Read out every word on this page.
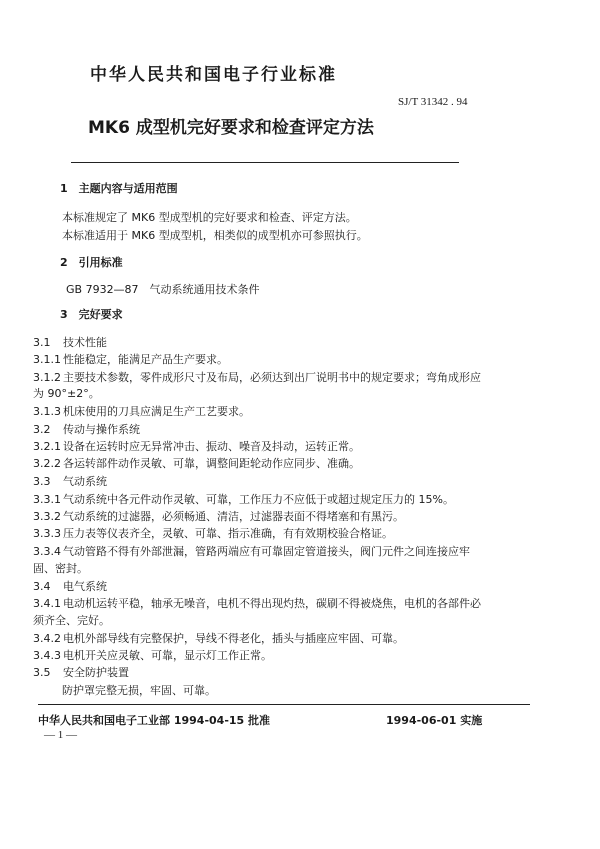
中华人民共和国电子行业标准
SJ/T 31342 . 94
MK6 成型机完好要求和检查评定方法
1　主题内容与适用范围
本标准规定了 MK6 型成型机的完好要求和检查、评定方法。
本标准适用于 MK6 型成型机，相类似的成型机亦可参照执行。
2　引用标准
GB 7932—87　气动系统通用技术条件
3　完好要求
3.1 技术性能
3.1.1 性能稳定，能满足产品生产要求。
3.1.2 主要技术参数，零件成形尺寸及布局，必须达到出厂说明书中的规定要求；弯角成形应
为 90°±2°。
3.1.3 机床使用的刀具应满足生产工艺要求。
3.2 传动与操作系统
3.2.1 设备在运转时应无异常冲击、振动、噪音及抖动，运转正常。
3.2.2 各运转部件动作灵敏、可靠，调整间距轮动作应同步、准确。
3.3 气动系统
3.3.1 气动系统中各元件动作灵敏、可靠，工作压力不应低于或超过规定压力的 15%。
3.3.2 气动系统的过滤器，必须畅通、清洁，过滤器表面不得堵塞和有黑污。
3.3.3 压力表等仪表齐全，灵敏、可靠、指示准确，有有效期校验合格证。
3.3.4 气动管路不得有外部泄漏，管路两端应有可靠固定管道接头，阀门元件之间连接应牢
固、密封。
3.4 电气系统
3.4.1 电动机运转平稳，轴承无噪音，电机不得出现灼热，碳刷不得被烧焦，电机的各部件必
须齐全、完好。
3.4.2 电机外部导线有完整保护，导线不得老化，插头与插座应牢固、可靠。
3.4.3 电机开关应灵敏、可靠，显示灯工作正常。
3.5 安全防护装置
防护罩完整无损，牢固、可靠。
中华人民共和国电子工业部 1994-04-15 批准	1994-06-01 实施
— 1 —
